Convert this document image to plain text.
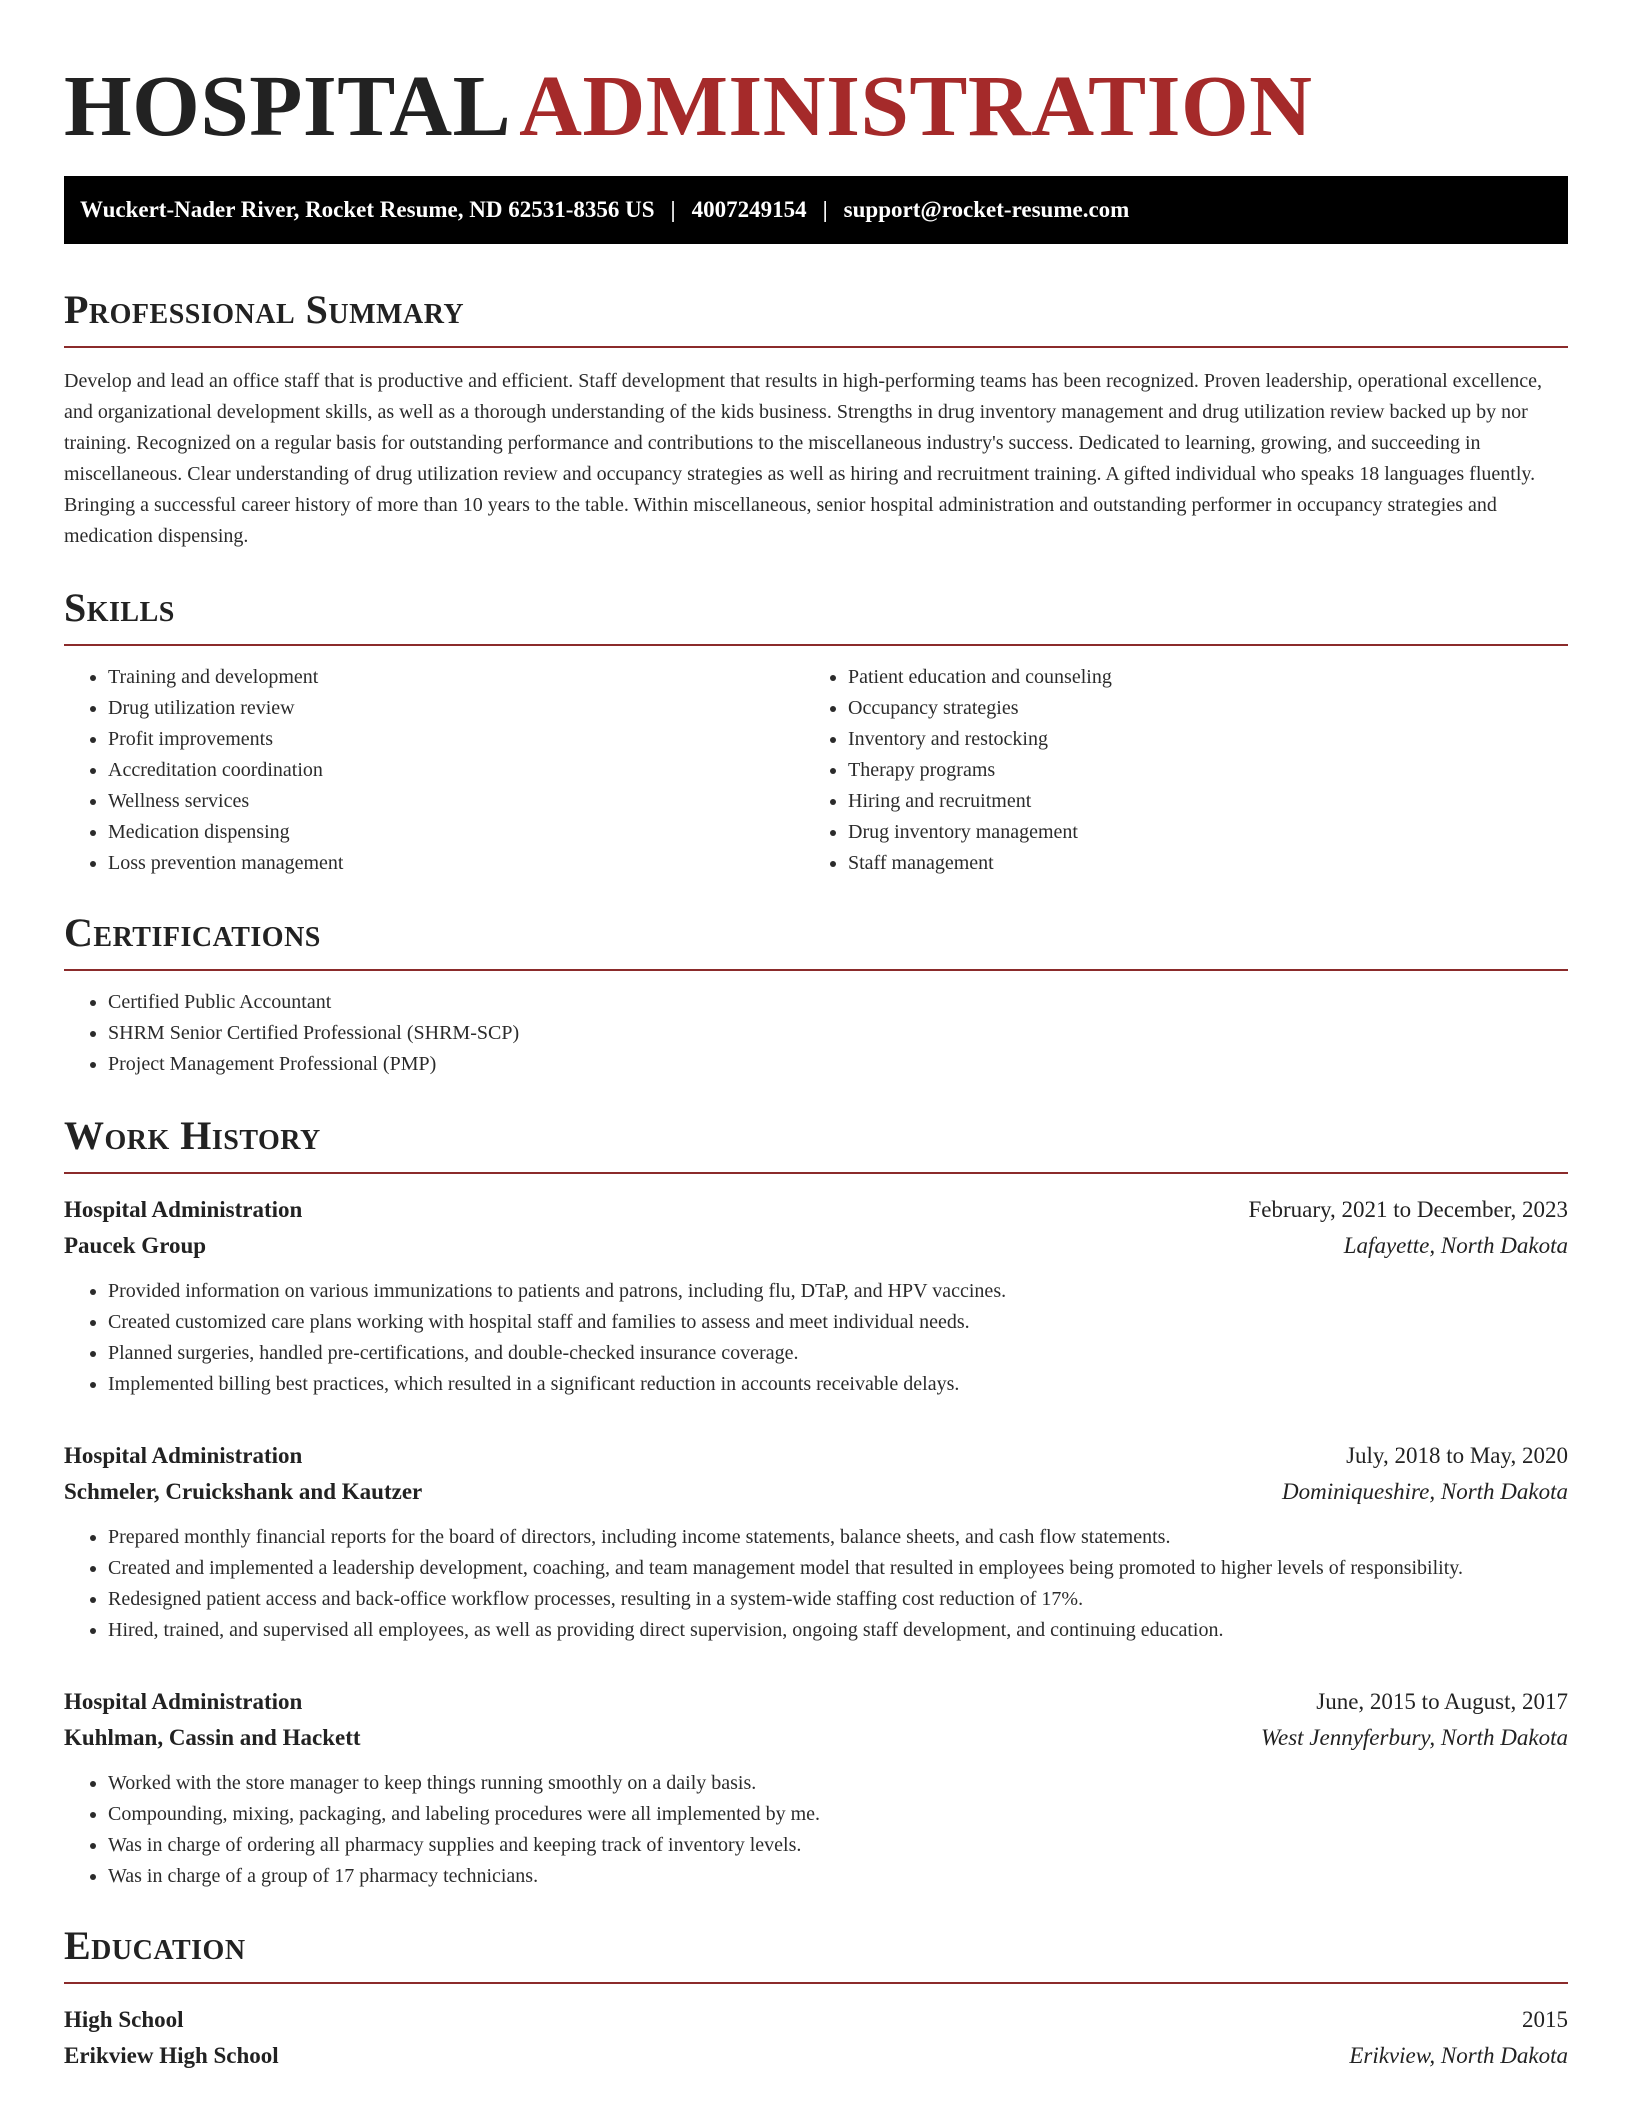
HOSPITALADMINISTRATION
Wuckert-Nader River, Rocket Resume, ND 62531-8356 US | 4007249154 | support@rocket-resume.com
Professional Summary

Develop and lead an office staff that is productive and efficient. Staff development that results in high-performing teams has been recognized. Proven leadership, operational excellence, and organizational development skills, as well as a thorough understanding of the kids business. Strengths in drug inventory management and drug utilization review backed up by nor training. Recognized on a regular basis for outstanding performance and contributions to the miscellaneous industry's success. Dedicated to learning, growing, and succeeding in miscellaneous. Clear understanding of drug utilization review and occupancy strategies as well as hiring and recruitment training. A gifted individual who speaks 18 languages fluently. Bringing a successful career history of more than 10 years to the table. Within miscellaneous, senior hospital administration and outstanding performer in occupancy strategies and medication dispensing.

Skills
• Training and development
• Drug utilization review
• Profit improvements
• Accreditation coordination
• Wellness services
• Medication dispensing
• Loss prevention management
• Patient education and counseling
• Occupancy strategies
• Inventory and restocking
• Therapy programs
• Hiring and recruitment
• Drug inventory management
• Staff management
Certifications
• Certified Public Accountant
• SHRM Senior Certified Professional (SHRM-SCP)
• Project Management Professional (PMP)
Work History
Hospital Administration	February, 2021 to December, 2023
Paucek Group	Lafayette, North Dakota
• Provided information on various immunizations to patients and patrons, including flu, DTaP, and HPV vaccines.
• Created customized care plans working with hospital staff and families to assess and meet individual needs.
• Planned surgeries, handled pre-certifications, and double-checked insurance coverage.
• Implemented billing best practices, which resulted in a significant reduction in accounts receivable delays.
Hospital Administration	July, 2018 to May, 2020
Schmeler, Cruickshank and Kautzer	Dominiqueshire, North Dakota
• Prepared monthly financial reports for the board of directors, including income statements, balance sheets, and cash flow statements.
• Created and implemented a leadership development, coaching, and team management model that resulted in employees being promoted to higher levels of responsibility.
• Redesigned patient access and back-office workflow processes, resulting in a system-wide staffing cost reduction of 17%.
• Hired, trained, and supervised all employees, as well as providing direct supervision, ongoing staff development, and continuing education.
Hospital Administration	June, 2015 to August, 2017
Kuhlman, Cassin and Hackett	West Jennyferbury, North Dakota
• Worked with the store manager to keep things running smoothly on a daily basis.
• Compounding, mixing, packaging, and labeling procedures were all implemented by me.
• Was in charge of ordering all pharmacy supplies and keeping track of inventory levels.
• Was in charge of a group of 17 pharmacy technicians.
Education
High School	2015
Erikview High School	Erikview, North Dakota
